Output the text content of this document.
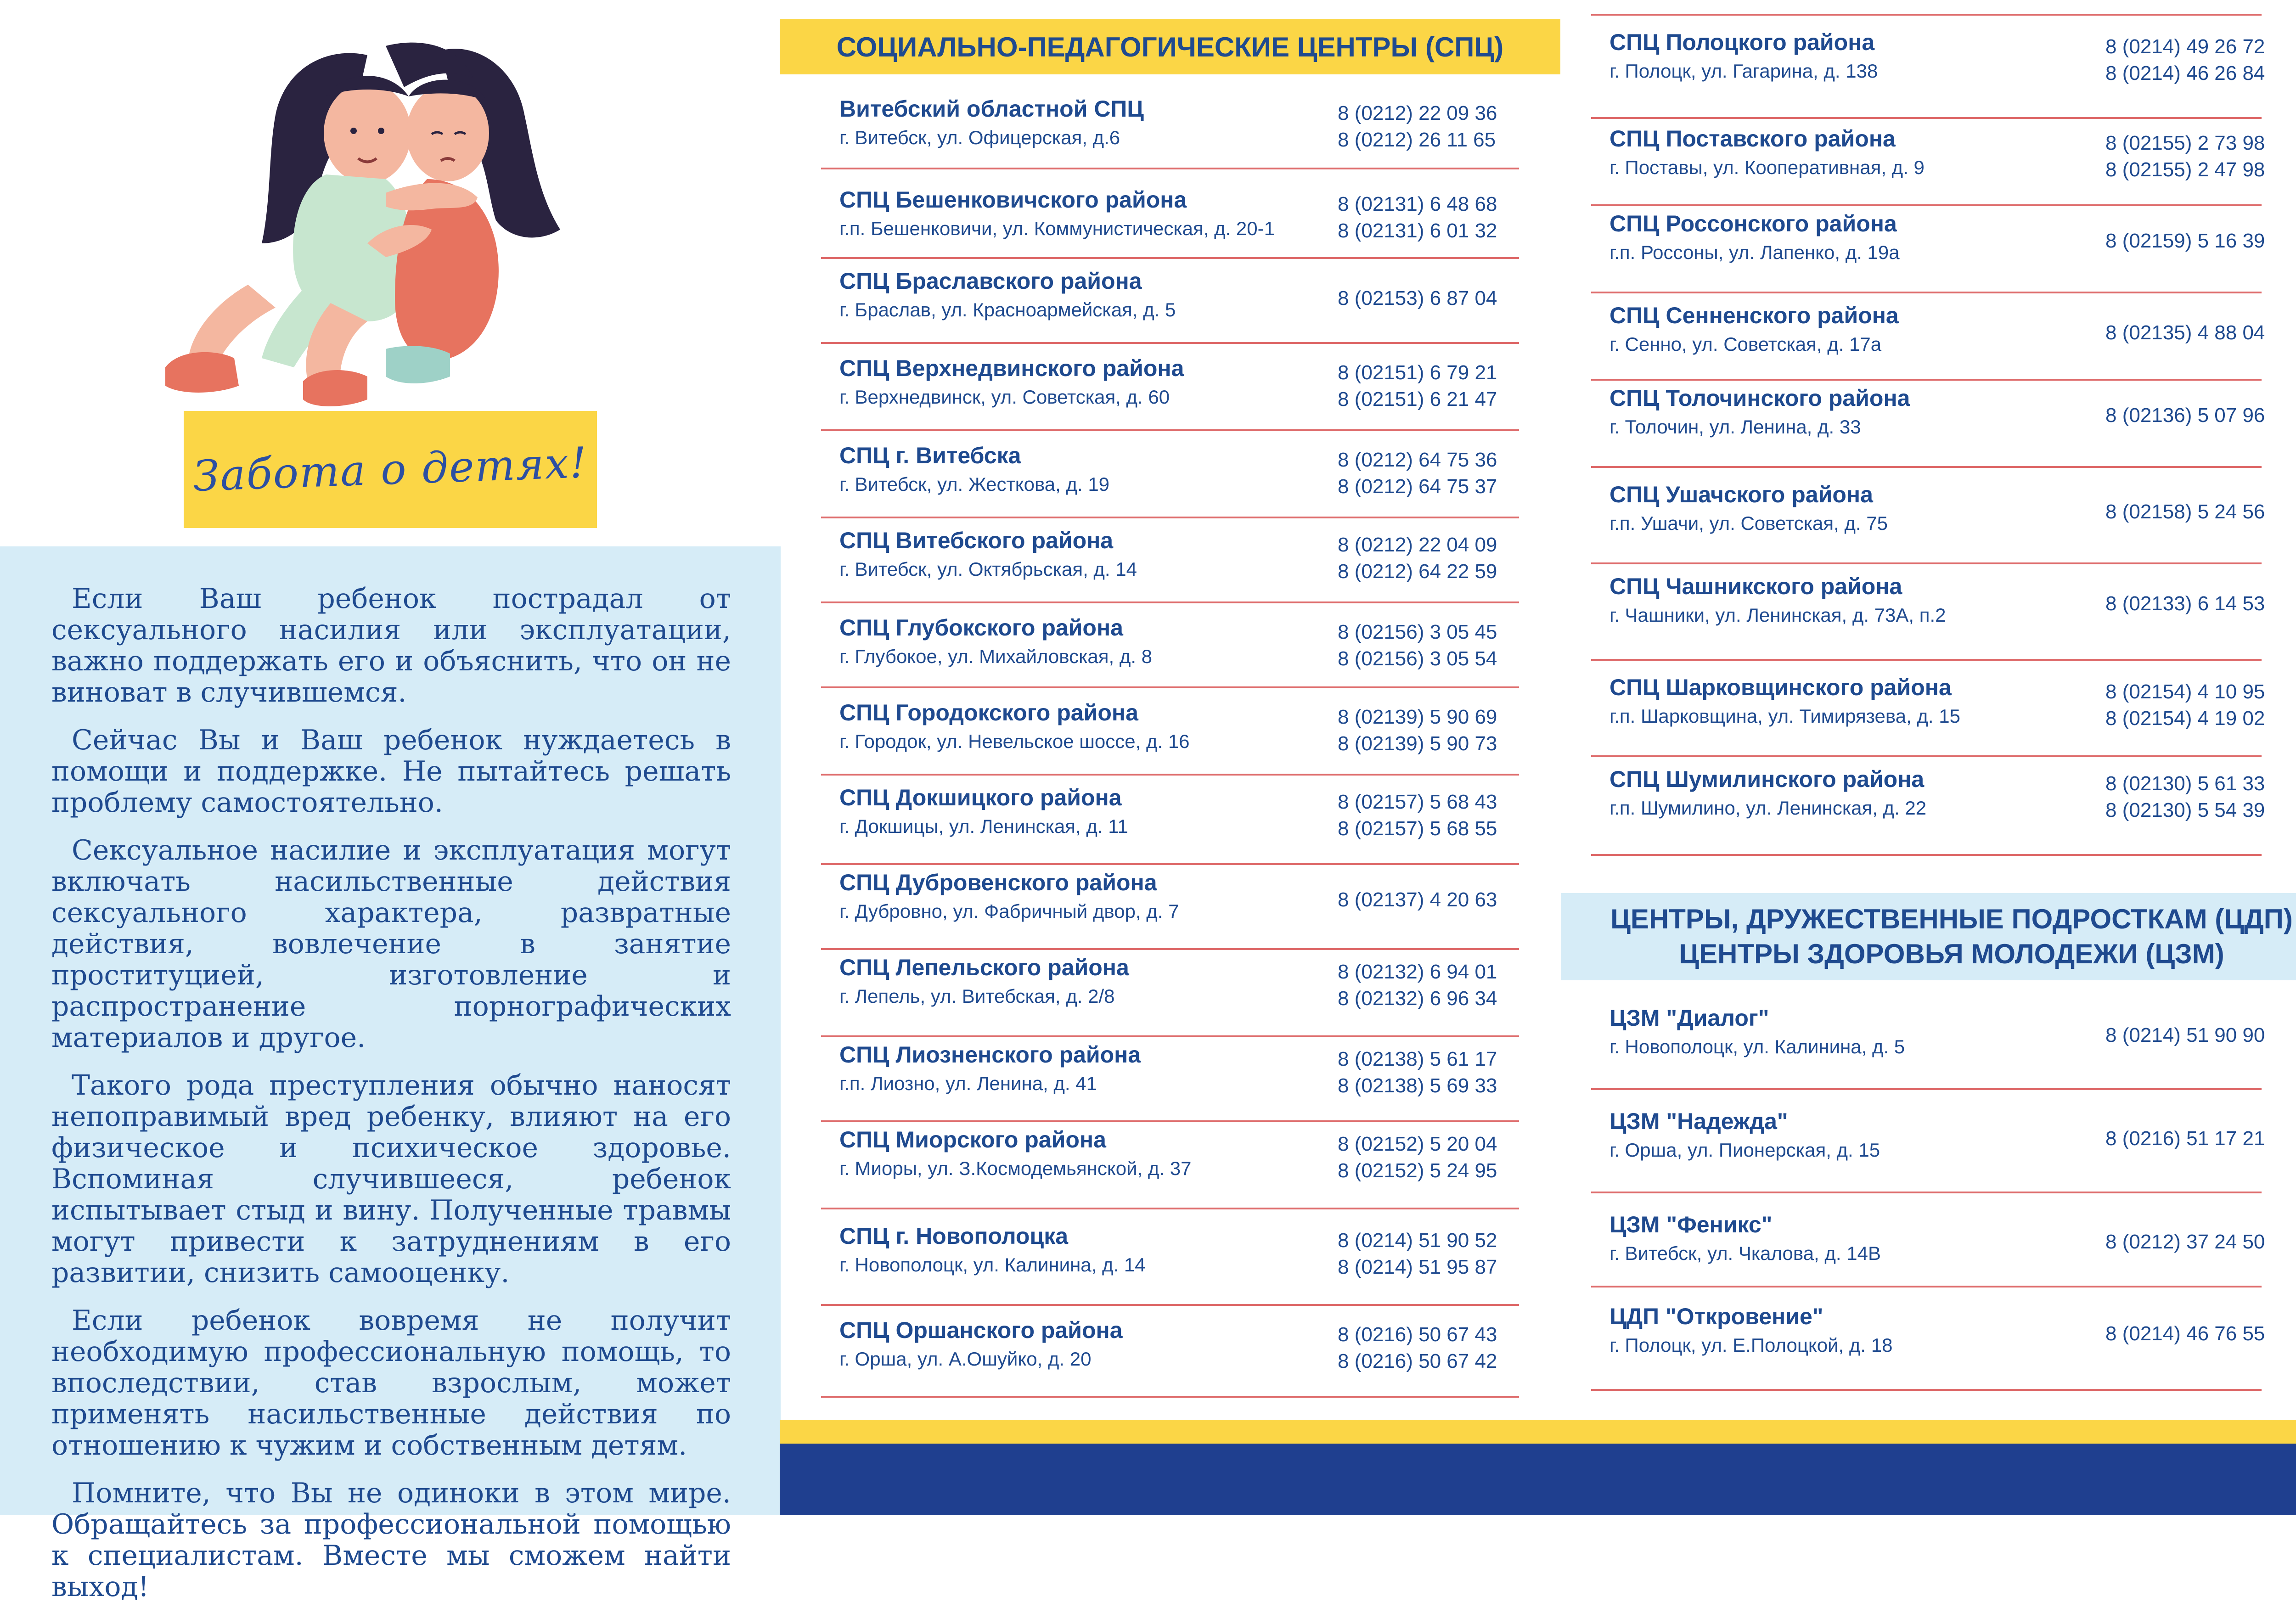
Забота о детях!

Если Ваш ребенок пострадал от сексуального насилия или эксплуатации, важно поддержать его и объяснить, что он не виноват в случившемся.

Сейчас Вы и Ваш ребенок нуждаетесь в помощи и поддержке. Не пытайтесь решать проблему самостоятельно.

Сексуальное насилие и эксплуатация могут включать насильственные действия сексуального характера, развратные действия, вовлечение в занятие проституцией, изготовление и распространение порнографических материалов и другое.

Такого рода преступления обычно наносят непоправимый вред ребенку, влияют на его физическое и психическое здоровье. Вспоминая случившееся, ребенок испытывает стыд и вину. Полученные травмы могут привести к затруднениям в его развитии, снизить самооценку.

Если ребенок вовремя не получит необходимую профессиональную помощь, то впоследствии, став взрослым, может применять насильственные действия по отношению к чужим и собственным детям.

Помните, что Вы не одиноки в этом мире. Обращайтесь за профессиональной помощью к специалистам. Вместе мы сможем найти выход!

СОЦИАЛЬНО-ПЕДАГОГИЧЕСКИЕ ЦЕНТРЫ (СПЦ)
Витебский областной СПЦ
г. Витебск, ул. Офицерская, д.6
8 (0212) 22 09 36
8 (0212) 26 11 65
СПЦ Бешенковичского района
г.п. Бешенковичи, ул. Коммунистическая, д. 20-1
8 (02131) 6 48 68
8 (02131) 6 01 32
СПЦ Браславского района
г. Браслав, ул. Красноармейская, д. 5
8 (02153) 6 87 04
СПЦ Верхнедвинского района
г. Верхнедвинск, ул. Советская, д. 60
8 (02151) 6 79 21
8 (02151) 6 21 47
СПЦ г. Витебска
г. Витебск, ул. Жесткова, д. 19
8 (0212) 64 75 36
8 (0212) 64 75 37
СПЦ Витебского района
г. Витебск, ул. Октябрьская, д. 14
8 (0212) 22 04 09
8 (0212) 64 22 59
СПЦ Глубокского района
г. Глубокое, ул. Михайловская, д. 8
8 (02156) 3 05 45
8 (02156) 3 05 54
СПЦ Городокского района
г. Городок, ул. Невельское шоссе, д. 16
8 (02139) 5 90 69
8 (02139) 5 90 73
СПЦ Докшицкого района
г. Докшицы, ул. Ленинская, д. 11
8 (02157) 5 68 43
8 (02157) 5 68 55
СПЦ Дубровенского района
г. Дубровно, ул. Фабричный двор, д. 7
8 (02137) 4 20 63
СПЦ Лепельского района
г. Лепель, ул. Витебская, д. 2/8
8 (02132) 6 94 01
8 (02132) 6 96 34
СПЦ Лиозненского района
г.п. Лиозно, ул. Ленина, д. 41
8 (02138) 5 61 17
8 (02138) 5 69 33
СПЦ Миорского района
г. Миоры, ул. З.Космодемьянской, д. 37
8 (02152) 5 20 04
8 (02152) 5 24 95
СПЦ г. Новополоцка
г. Новополоцк, ул. Калинина, д. 14
8 (0214) 51 90 52
8 (0214) 51 95 87
СПЦ Оршанского района
г. Орша, ул. А.Ошуйко, д. 20
8 (0216) 50 67 43
8 (0216) 50 67 42
СПЦ Полоцкого района
г. Полоцк, ул. Гагарина, д. 138
8 (0214) 49 26 72
8 (0214) 46 26 84
СПЦ Поставского района
г. Поставы, ул. Кооперативная, д. 9
8 (02155) 2 73 98
8 (02155) 2 47 98
СПЦ Россонского района
г.п. Россоны, ул. Лапенко, д. 19а
8 (02159) 5 16 39
СПЦ Сенненского района
г. Сенно, ул. Советская, д. 17а
8 (02135) 4 88 04
СПЦ Толочинского района
г. Толочин, ул. Ленина, д. 33
8 (02136) 5 07 96
СПЦ Ушачского района
г.п. Ушачи, ул. Советская, д. 75
8 (02158) 5 24 56
СПЦ Чашникского района
г. Чашники, ул. Ленинская, д. 73А, п.2
8 (02133) 6 14 53
СПЦ Шарковщинского района
г.п. Шарковщина, ул. Тимирязева, д. 15
8 (02154) 4 10 95
8 (02154) 4 19 02
СПЦ Шумилинского района
г.п. Шумилино, ул. Ленинская, д. 22
8 (02130) 5 61 33
8 (02130) 5 54 39
ЦЕНТРЫ, ДРУЖЕСТВЕННЫЕ ПОДРОСТКАМ (ЦДП)
ЦЕНТРЫ ЗДОРОВЬЯ МОЛОДЕЖИ (ЦЗМ)
ЦЗМ "Диалог"
г. Новополоцк, ул. Калинина, д. 5
8 (0214) 51 90 90
ЦЗМ "Надежда"
г. Орша, ул. Пионерская, д. 15
8 (0216) 51 17 21
ЦЗМ "Феникс"
г. Витебск, ул. Чкалова, д. 14В
8 (0212) 37 24 50
ЦДП "Откровение"
г. Полоцк, ул. Е.Полоцкой, д. 18
8 (0214) 46 76 55
